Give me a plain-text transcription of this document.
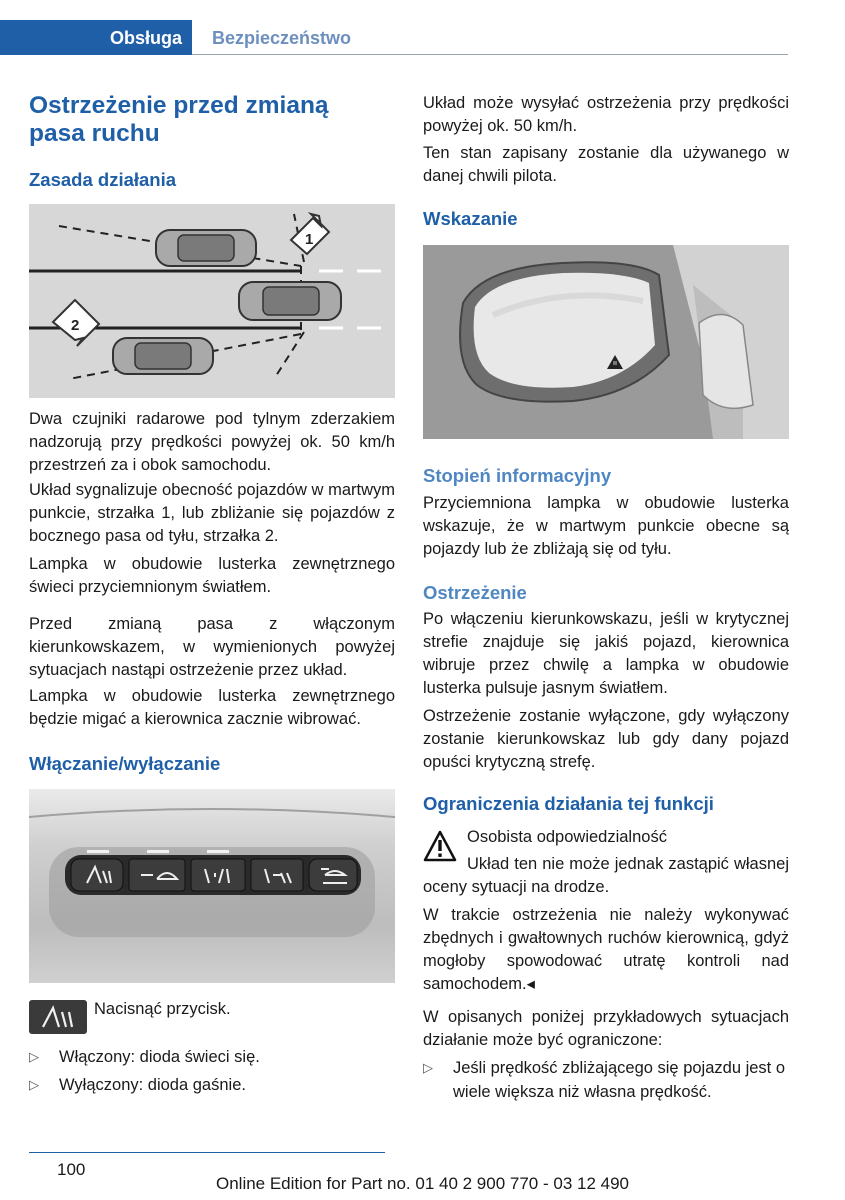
Obsługa	Bezpieczeństwo
Ostrzeżenie przed zmianą
pasa ruchu
Zasada działania
1
2

Dwa czujniki radarowe pod tylnym zderzakiem nadzorują przy prędkości powyżej ok. 50 km/h przestrzeń za i obok samochodu.

Układ sygnalizuje obecność pojazdów w martwym punkcie, strzałka 1, lub zbliżanie się pojazdów z bocznego pasa od tyłu, strzałka 2.

Lampka w obudowie lusterka zewnętrznego świeci przyciemnionym światłem.

Przed zmianą pasa z włączonym kierunkowskazem, w wymienionych powyżej sytuacjach nastąpi ostrzeżenie przez układ.

Lampka w obudowie lusterka zewnętrznego będzie migać a kierownica zacznie wibrować.

Włączanie/wyłączanie

Nacisnąć przycisk.

▷ Włączony: dioda świeci się.
▷ Wyłączony: dioda gaśnie.

Układ może wysyłać ostrzeżenia przy prędkości powyżej ok. 50 km/h.

Ten stan zapisany zostanie dla używanego w danej chwili pilota.

Wskazanie
Stopień informacyjny

Przyciemniona lampka w obudowie lusterka wskazuje, że w martwym punkcie obecne są pojazdy lub że zbliżają się od tyłu.

Ostrzeżenie

Po włączeniu kierunkowskazu, jeśli w krytycznej strefie znajduje się jakiś pojazd, kierownica wibruje przez chwilę a lampka w obudowie lusterka pulsuje jasnym światłem.

Ostrzeżenie zostanie wyłączone, gdy wyłączony zostanie kierunkowskaz lub gdy dany pojazd opuści krytyczną strefę.

Ograniczenia działania tej funkcji

Osobista odpowiedzialność

Układ ten nie może jednak zastąpić własnej oceny sytuacji na drodze.

W trakcie ostrzeżenia nie należy wykonywać zbędnych i gwałtownych ruchów kierownicą, gdyż mogłoby spowodować utratę kontroli nad samochodem.◂

W opisanych poniżej przykładowych sytuacjach działanie może być ograniczone:

▷ Jeśli prędkość zbliżającego się pojazdu jest o wiele większa niż własna prędkość.
100
Online Edition for Part no. 01 40 2 900 770 - 03 12 490
